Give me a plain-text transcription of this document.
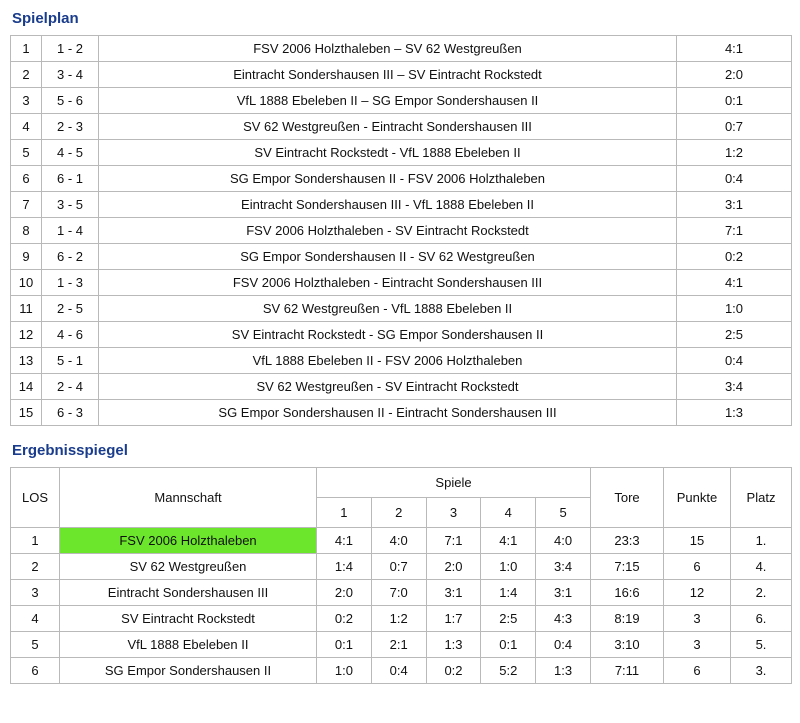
Spielplan
1	1 - 2	FSV 2006 Holzthaleben – SV 62 Westgreußen	4:1
2	3 - 4	Eintracht Sondershausen III – SV Eintracht Rockstedt	2:0
3	5 - 6	VfL 1888 Ebeleben II – SG Empor Sondershausen II	0:1
4	2 - 3	SV 62 Westgreußen - Eintracht Sondershausen III	0:7
5	4 - 5	SV Eintracht Rockstedt - VfL 1888 Ebeleben II	1:2
6	6 - 1	SG Empor Sondershausen II - FSV 2006 Holzthaleben	0:4
7	3 - 5	Eintracht Sondershausen III - VfL 1888 Ebeleben II	3:1
8	1 - 4	FSV 2006 Holzthaleben - SV Eintracht Rockstedt	7:1
9	6 - 2	SG Empor Sondershausen II - SV 62 Westgreußen	0:2
10	1 - 3	FSV 2006 Holzthaleben - Eintracht Sondershausen III	4:1
11	2 - 5	SV 62 Westgreußen - VfL 1888 Ebeleben II	1:0
12	4 - 6	SV Eintracht Rockstedt - SG Empor Sondershausen II	2:5
13	5 - 1	VfL 1888 Ebeleben II - FSV 2006 Holzthaleben	0:4
14	2 - 4	SV 62 Westgreußen - SV Eintracht Rockstedt	3:4
15	6 - 3	SG Empor Sondershausen II - Eintracht Sondershausen III	1:3
Ergebnisspiegel
LOS	Mannschaft	Spiele					Tore	Punkte	Platz
		1	2	3	4	5			
1	FSV 2006 Holzthaleben	4:1	4:0	7:1	4:1	4:0	23:3	15	1.
2	SV 62 Westgreußen	1:4	0:7	2:0	1:0	3:4	7:15	6	4.
3	Eintracht Sondershausen III	2:0	7:0	3:1	1:4	3:1	16:6	12	2.
4	SV Eintracht Rockstedt	0:2	1:2	1:7	2:5	4:3	8:19	3	6.
5	VfL 1888 Ebeleben II	0:1	2:1	1:3	0:1	0:4	3:10	3	5.
6	SG Empor Sondershausen II	1:0	0:4	0:2	5:2	1:3	7:11	6	3.
